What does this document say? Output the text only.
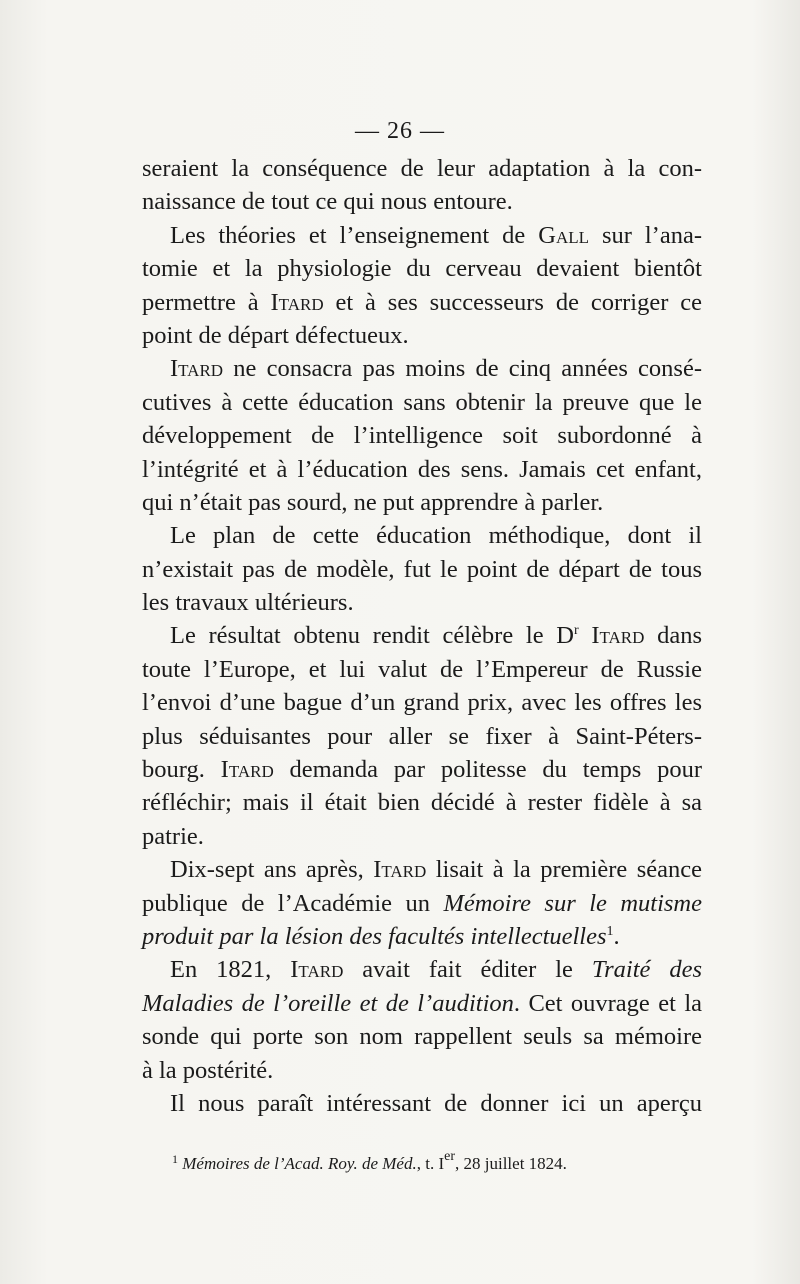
— 26 —
seraient la conséquence de leur adaptation à la con-
naissance de tout ce qui nous entoure.
Les théories et l’enseignement de Gall sur l’ana-
tomie et la physiologie du cerveau devaient bientôt
permettre à Itard et à ses successeurs de corriger ce
point de départ défectueux.
Itard ne consacra pas moins de cinq années consé-
cutives à cette éducation sans obtenir la preuve que le
développement de l’intelligence soit subordonné à
l’intégrité et à l’éducation des sens. Jamais cet enfant,
qui n’était pas sourd, ne put apprendre à parler.
Le plan de cette éducation méthodique, dont il
n’existait pas de modèle, fut le point de départ de tous
les travaux ultérieurs.
Le résultat obtenu rendit célèbre le $D^r$ Itard dans
toute l’Europe, et lui valut de l’Empereur de Russie
l’envoi d’une bague d’un grand prix, avec les offres les
plus séduisantes pour aller se fixer à Saint-Péters-
bourg. Itard demanda par politesse du temps pour
réfléchir; mais il était bien décidé à rester fidèle à sa
patrie.
Dix-sept ans après, Itard lisait à la première séance
publique de l’Académie un Mémoire sur le mutisme
produit par la lésion des facultés intellectuelles$^1$.
En 1821, Itard avait fait éditer le Traité des
Maladies de l’oreille et de l’audition. Cet ouvrage et la
sonde qui porte son nom rappellent seuls sa mémoire
à la postérité.
Il nous paraît intéressant de donner ici un aperçu
$^1$ Mémoires de l’Acad. Roy. de Méd., t. Ier, 28 juillet 1824.
